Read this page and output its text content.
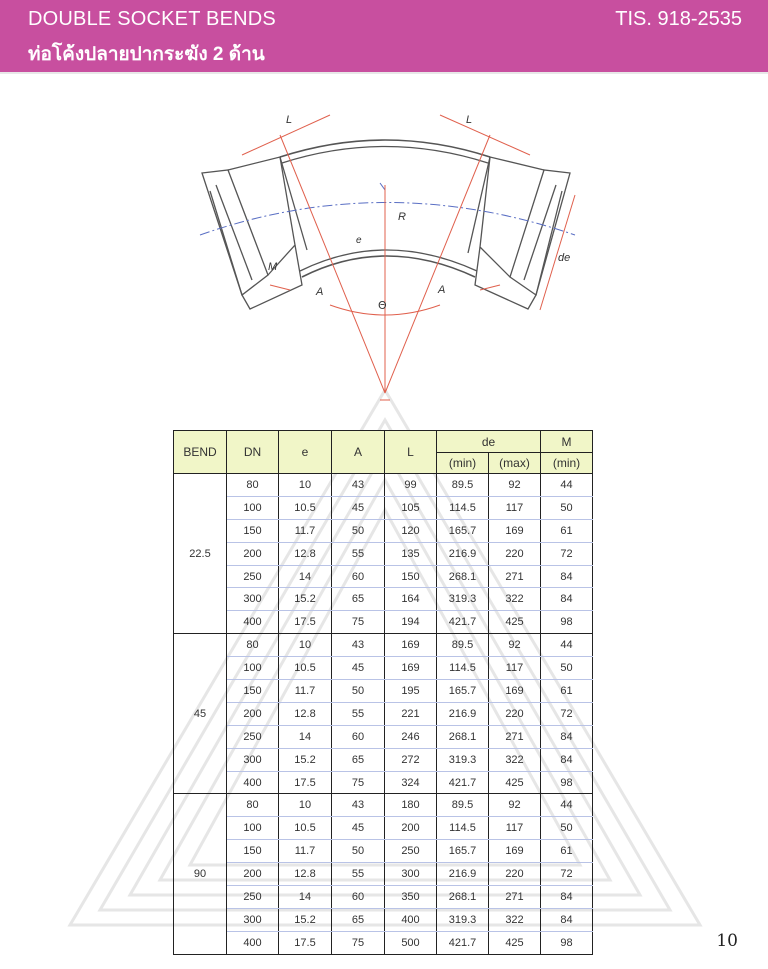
DOUBLE SOCKET BENDS
ท่อโค้งปลายปากระฆัง 2 ด้าน
TIS. 918-2535
L	L
R
e
M
A	A
de
Θ
BEND	DN	e	A	L	de		M
					(min)	(max)	(min)
22.5	80	10	43	99	89.5	92	44
	100	10.5	45	105	114.5	117	50
	150	11.7	50	120	165.7	169	61
	200	12.8	55	135	216.9	220	72
	250	14	60	150	268.1	271	84
	300	15.2	65	164	319.3	322	84
	400	17.5	75	194	421.7	425	98
45	80	10	43	169	89.5	92	44
	100	10.5	45	169	114.5	117	50
	150	11.7	50	195	165.7	169	61
	200	12.8	55	221	216.9	220	72
	250	14	60	246	268.1	271	84
	300	15.2	65	272	319.3	322	84
	400	17.5	75	324	421.7	425	98
90	80	10	43	180	89.5	92	44
	100	10.5	45	200	114.5	117	50
	150	11.7	50	250	165.7	169	61
	200	12.8	55	300	216.9	220	72
	250	14	60	350	268.1	271	84
	300	15.2	65	400	319.3	322	84
	400	17.5	75	500	421.7	425	98	10
